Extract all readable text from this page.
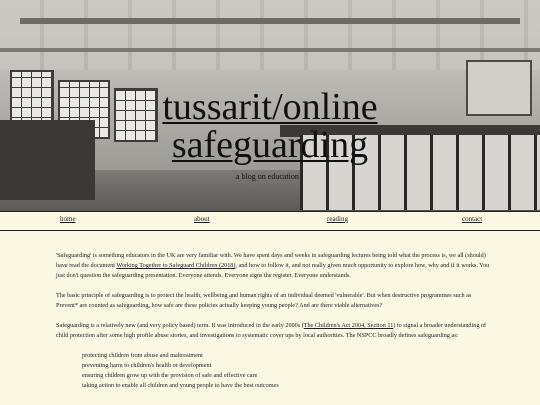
tussarit/online
safeguarding
a blog on education
home	about	reading	contact

'Safeguarding' is something educators in the UK are very familiar with. We have spent days and weeks in safeguarding lectures being told what the process is, we all (should) have read the document Working Together to Safeguard Children (2018), and how to follow it, and not really given much opportunity to explore how, why and if it works. You just don't question the safeguarding presentation. Everyone attends. Everyone signs the register. Everyone understands.

The basic principle of safeguarding is to protect the health, wellbeing and human rights of an individual deemed 'vulnerable'. But when destructive programmes such as Prevent* are counted as safeguarding, how safe are these policies actually keeping young people? And are there viable alternatives?

Safeguarding is a relatively new (and very policy based) term. It was introduced in the early 2000s (The Children's Act 2004, Section 11) to signal a broader understanding of child protection after some high profile abuse stories, and investigations to systematic cover ups by local authorities. The NSPCC broadly defines safeguarding as:

protecting children from abuse and maltreatment
preventing harm to children's health or development
ensuring children grow up with the provision of safe and effective care
taking action to enable all children and young people to have the best outcomes
